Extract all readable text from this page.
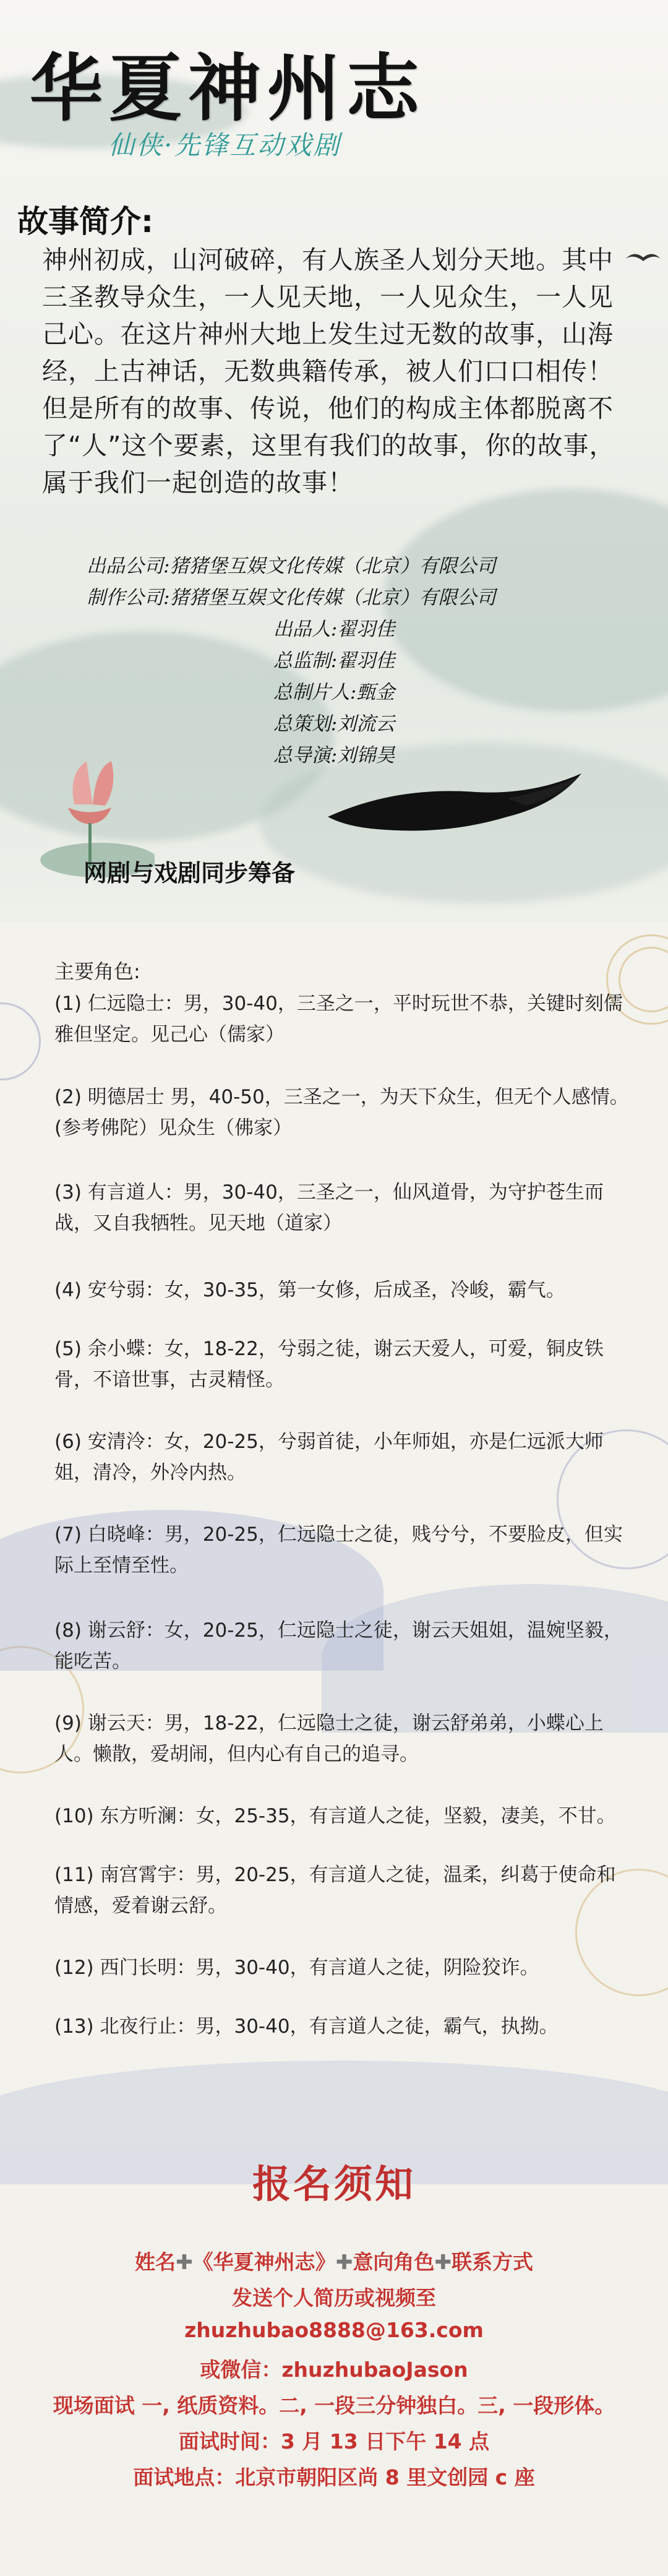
华夏神州志

仙侠·先锋互动戏剧

故事简介:

神州初成，山河破碎，有人族圣人划分天地。其中三圣教导众生，一人见天地，一人见众生，一人见己心。在这片神州大地上发生过无数的故事，山海经，上古神话，无数典籍传承，被人们口口相传！但是所有的故事、传说，他们的构成主体都脱离不了“人”这个要素，这里有我们的故事，你的故事，属于我们一起创造的故事！

出品公司:猪猪堡互娱文化传媒（北京）有限公司
制作公司:猪猪堡互娱文化传媒（北京）有限公司
出品人:翟羽佳
总监制:翟羽佳
总制片人:甄金
总策划:刘流云
总导演:刘锦昊

网剧与戏剧同步筹备

主要角色:

(1) 仁远隐士：男，30-40，三圣之一，平时玩世不恭，关键时刻儒雅但坚定。见己心（儒家）

(2) 明德居士 男，40-50，三圣之一，为天下众生，但无个人感情。(参考佛陀）见众生（佛家）

(3) 有言道人：男，30-40，三圣之一，仙风道骨，为守护苍生而战，又自我牺牲。见天地（道家）

(4) 安兮弱：女，30-35，第一女修，后成圣，冷峻，霸气。

(5) 余小蝶：女，18-22，兮弱之徒，谢云天爱人，可爱，铜皮铁骨，不谙世事，古灵精怪。

(6) 安清泠：女，20-25，兮弱首徒，小年师姐，亦是仁远派大师姐，清冷，外冷内热。

(7) 白晓峰：男，20-25，仁远隐士之徒，贱兮兮，不要脸皮，但实际上至情至性。

(8) 谢云舒：女，20-25，仁远隐士之徒，谢云天姐姐，温婉坚毅，能吃苦。

(9) 谢云天：男，18-22，仁远隐士之徒，谢云舒弟弟，小蝶心上人。懒散，爱胡闹，但内心有自己的追寻。

(10) 东方听澜：女，25-35，有言道人之徒，坚毅，凄美，不甘。

(11) 南宫霄宇：男，20-25，有言道人之徒，温柔，纠葛于使命和情感，爱着谢云舒。

(12) 西门长明：男，30-40，有言道人之徒，阴险狡诈。

(13) 北夜行止：男，30-40，有言道人之徒，霸气，执拗。

报名须知

姓名✚《华夏神州志》✚意向角色✚联系方式

发送个人简历或视频至

zhuzhubao8888@163.com

或微信：zhuzhubaoJason

现场面试 一, 纸质资料。二, 一段三分钟独白。三, 一段形体。

面试时间：3 月 13 日下午 14 点

面试地点：北京市朝阳区尚 8 里文创园 c 座
